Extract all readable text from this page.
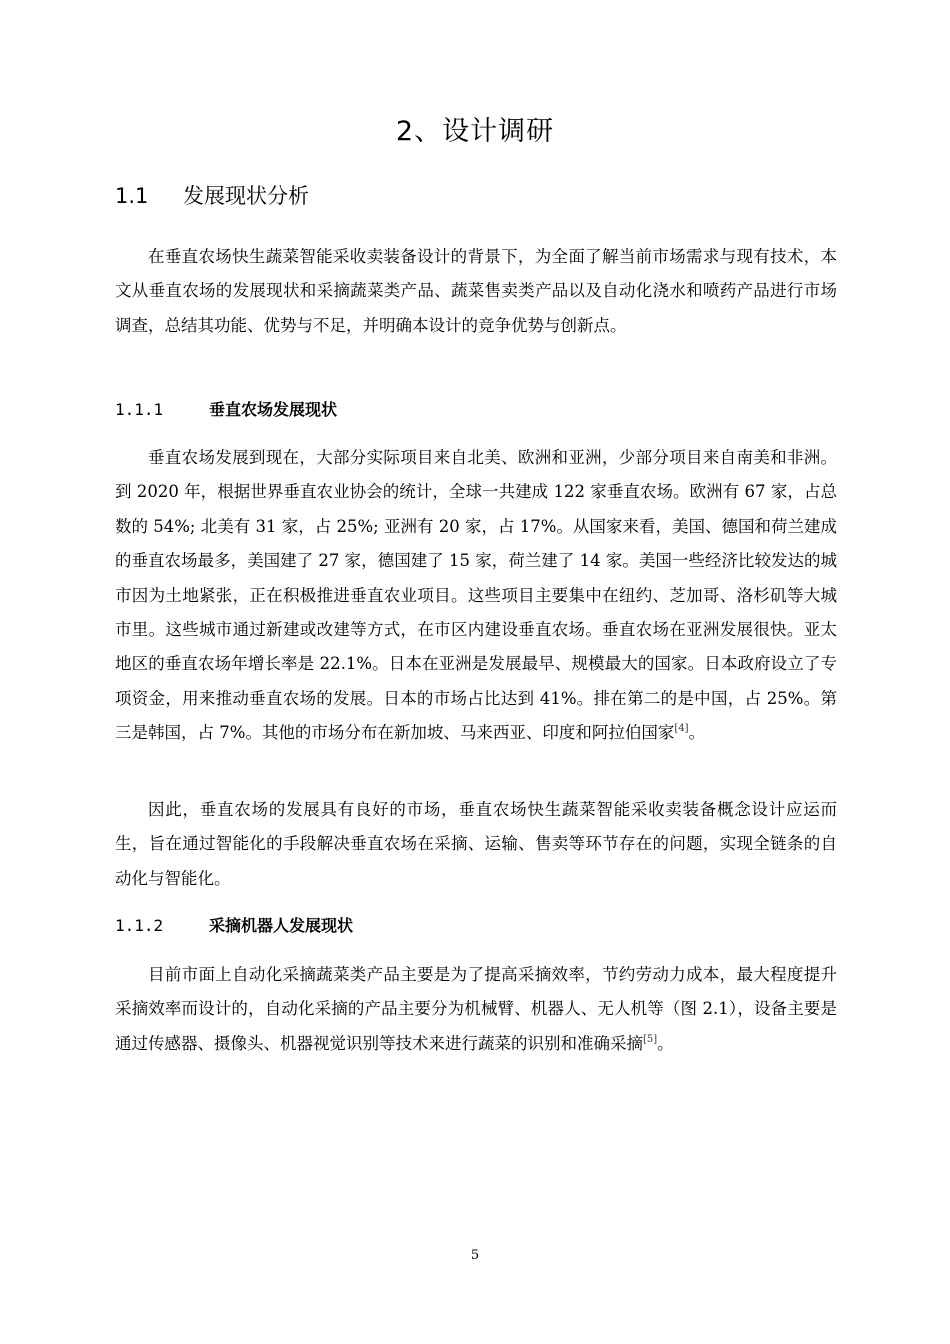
2、设计调研
1.1 发展现状分析

在垂直农场快生蔬菜智能采收卖装备设计的背景下，为全面了解当前市场需求与现有技术，本文从垂直农场的发展现状和采摘蔬菜类产品、蔬菜售卖类产品以及自动化浇水和喷药产品进行市场调查，总结其功能、优势与不足，并明确本设计的竞争优势与创新点。

1.1.1	垂直农场发展现状

垂直农场发展到现在，大部分实际项目来自北美、欧洲和亚洲，少部分项目来自南美和非洲。到 2020 年，根据世界垂直农业协会的统计，全球一共建成 122 家垂直农场。欧洲有 67 家，占总数的 54%; 北美有 31 家，占 25%; 亚洲有 20 家，占 17%。从国家来看，美国、德国和荷兰建成的垂直农场最多，美国建了 27 家，德国建了 15 家，荷兰建了 14 家。美国一些经济比较发达的城市因为土地紧张，正在积极推进垂直农业项目。这些项目主要集中在纽约、芝加哥、洛杉矶等大城市里。这些城市通过新建或改建等方式，在市区内建设垂直农场。垂直农场在亚洲发展很快。亚太地区的垂直农场年增长率是 22.1%。日本在亚洲是发展最早、规模最大的国家。日本政府设立了专项资金，用来推动垂直农场的发展。日本的市场占比达到 41%。排在第二的是中国，占 25%。第三是韩国，占 7%。其他的市场分布在新加坡、马来西亚、印度和阿拉伯国家[4]。

因此，垂直农场的发展具有良好的市场，垂直农场快生蔬菜智能采收卖装备概念设计应运而生，旨在通过智能化的手段解决垂直农场在采摘、运输、售卖等环节存在的问题，实现全链条的自动化与智能化。

1.1.2	采摘机器人发展现状

目前市面上自动化采摘蔬菜类产品主要是为了提高采摘效率，节约劳动力成本，最大程度提升采摘效率而设计的，自动化采摘的产品主要分为机械臂、机器人、无人机等（图 2.1），设备主要是通过传感器、摄像头、机器视觉识别等技术来进行蔬菜的识别和准确采摘[5]。

5
